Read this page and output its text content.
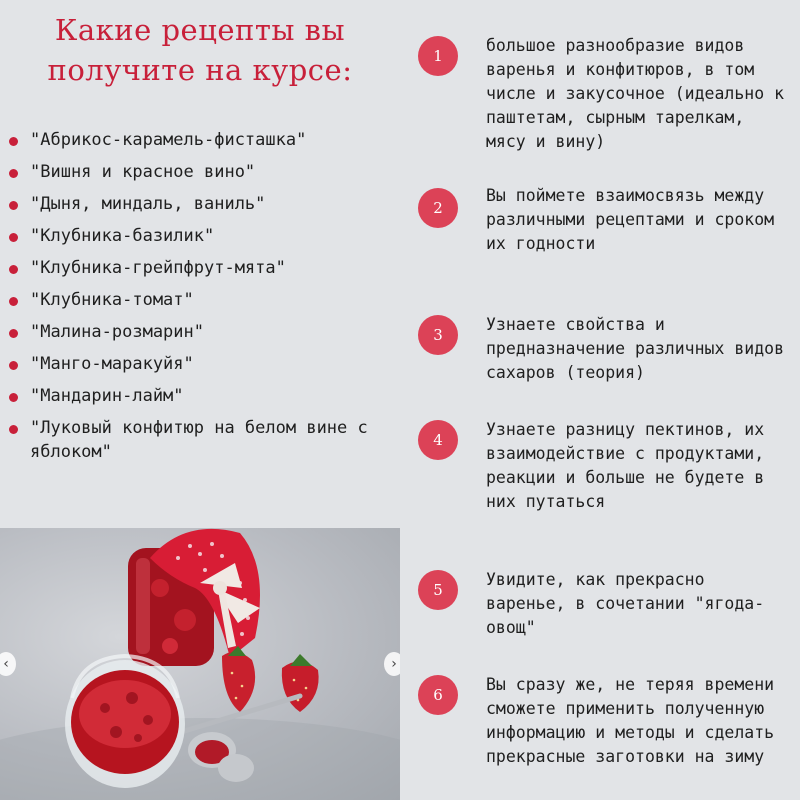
Какие рецепты вы получите на курсе:
"Абрикос-карамель-фисташка"
"Вишня и красное вино"
"Дыня, миндаль, ваниль"
"Клубника-базилик"
"Клубника-грейпфрут-мята"
"Клубника-томат"
"Малина-розмарин"
"Манго-маракуйя"
"Мандарин-лайм"
"Луковый конфитюр на белом вине с яблоком"
‹	›
1
большое разнообразие видов варенья и конфитюров, в том числе и закусочное (идеально к паштетам, сырным тарелкам, мясу и вину)
2
Вы поймете взаимосвязь между различными рецептами и сроком их годности
3
Узнаете свойства и предназначение различных видов сахаров (теория)
4
Узнаете разницу пектинов, их взаимодействие с продуктами, реакции и больше не будете в них путаться
5
Увидите, как прекрасно варенье, в сочетании "ягода-овощ"
6
Вы сразу же, не теряя времени сможете применить полученную информацию и методы и сделать прекрасные заготовки на зиму
